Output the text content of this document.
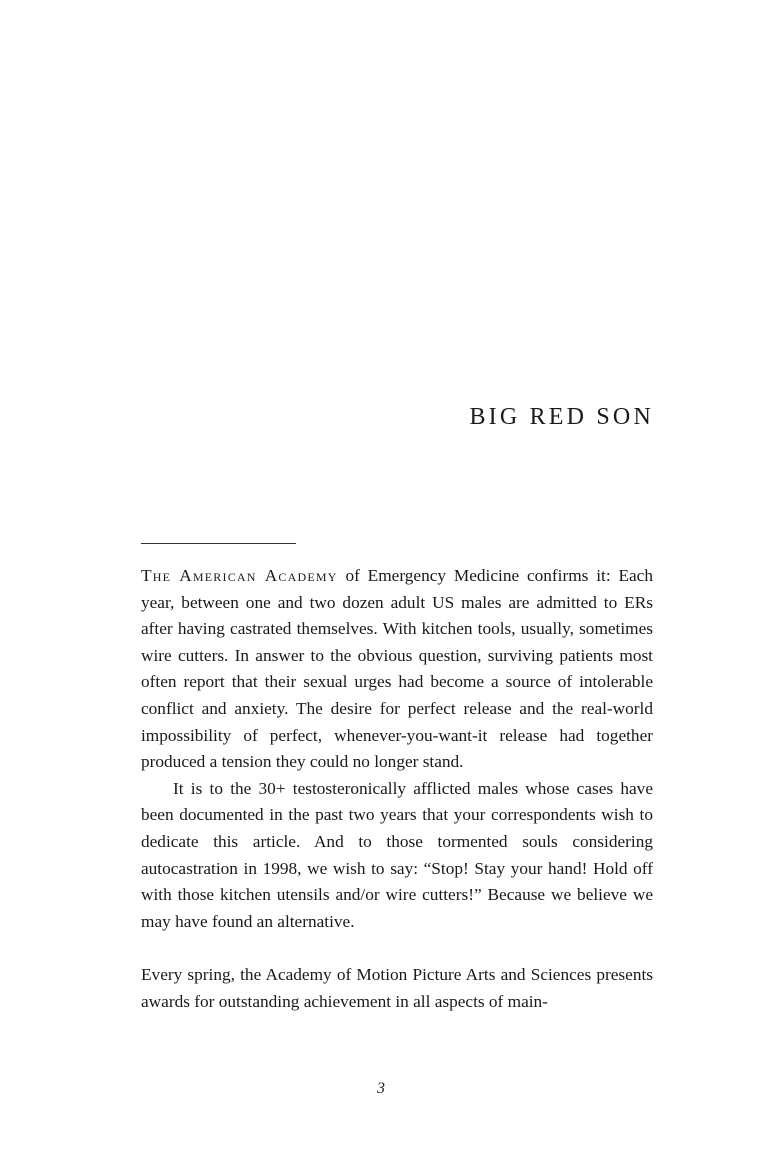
BIG RED SON

The American Academy of Emergency Medicine confirms it: Each year, between one and two dozen adult US males are admitted to ERs after having castrated themselves. With kitchen tools, usually, sometimes wire cutters. In answer to the obvious question, surviving patients most often report that their sexual urges had become a source of intolerable conflict and anxiety. The desire for perfect release and the real-world impossibility of perfect, whenever-you-want-it release had together produced a tension they could no longer stand.

It is to the 30+ testosteronically afflicted males whose cases have been documented in the past two years that your correspondents wish to dedicate this article. And to those tormented souls considering autocastration in 1998, we wish to say: “Stop! Stay your hand! Hold off with those kitchen utensils and/or wire cutters!” Because we believe we may have found an alternative.

Every spring, the Academy of Motion Picture Arts and Sciences presents awards for outstanding achievement in all aspects of main-

3
